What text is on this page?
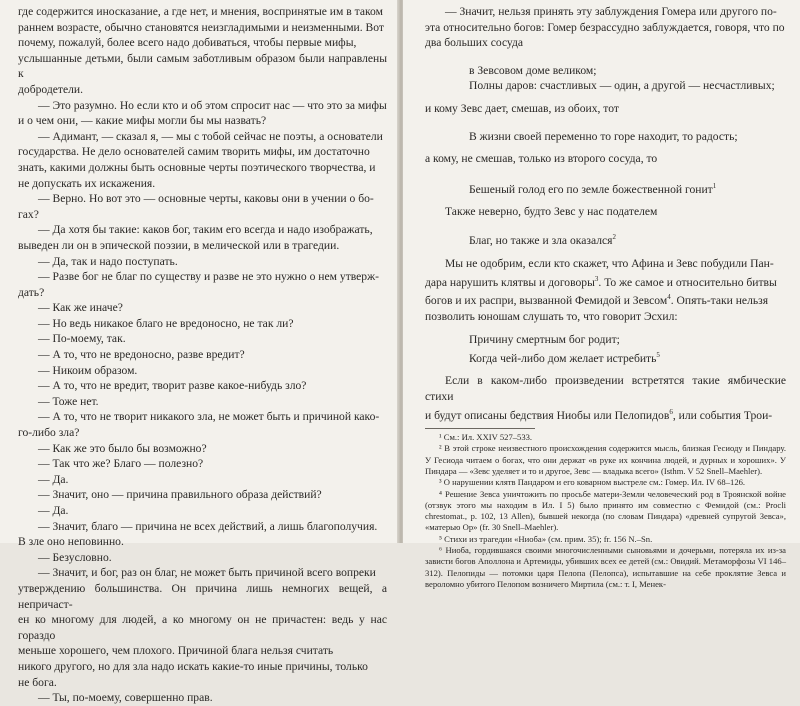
где содержится иносказание, а где нет, и мнения, воспринятые им в таком

раннем возрасте, обычно становятся неизгладимыми и неизменными. Вот

почему, пожалуй, более всего надо добиваться, чтобы первые мифы,

услышанные детьми, были самым заботливым образом были направлены к

добродетели.

— Это разумно. Но если кто и об этом спросит нас — что это за мифы

и о чем они, — какие мифы могли бы мы назвать?

— Адимант, — сказал я, — мы с тобой сейчас не поэты, а основатели

государства. Не дело основателей самим творить мифы, им достаточно

знать, какими должны быть основные черты поэтического творчества, и

не допускать их искажения.

— Верно. Но вот это — основные черты, каковы они в учении о бо-

гах?

— Да хотя бы такие: каков бог, таким его всегда и надо изображать,

выведен ли он в эпической поэзии, в мелической или в трагедии.

— Да, так и надо поступать.

— Разве бог не благ по существу и разве не это нужно о нем утверж-

дать?

— Как же иначе?

— Но ведь никакое благо не вредоносно, не так ли?

— По-моему, так.

— А то, что не вредоносно, разве вредит?

— Никоим образом.

— А то, что не вредит, творит разве какое-нибудь зло?

— Тоже нет.

— А то, что не творит никакого зла, не может быть и причиной како-

го-либо зла?

— Как же это было бы возможно?

— Так что же? Благо — полезно?

— Да.

— Значит, оно — причина правильного образа действий?

— Да.

— Значит, благо — причина не всех действий, а лишь благополучия.

В зле оно неповинно.

— Безусловно.

— Значит, и бог, раз он благ, не может быть причиной всего вопреки

утверждению большинства. Он причина лишь немногих вещей, а непричаст-

ен ко многому для людей, а ко многому он не причастен: ведь у нас гораздо

меньше хорошего, чем плохого. Причиной блага нельзя считать

никого другого, но для зла надо искать какие-то иные причины, только

не бога.

— Ты, по-моему, совершенно прав.

— Значит, нельзя принять эту заблуждения Гомера или другого по-

эта относительно богов: Гомер безрассудно заблуждается, говоря, что по

два больших сосуда

в Зевсовом доме великом;
Полны даров: счастливых — один, а другой — несчастливых;

и кому Зевс дает, смешав, из обоих, тот

В жизни своей переменно то горе находит, то радость;

а кому, не смешав, только из второго сосуда, то

Бешеный голод его по земле божественной гонит$^1$

Также неверно, будто Зевс у нас подателем

Благ, но также и зла оказался$^2$

Мы не одобрим, если кто скажет, что Афина и Зевс побудили Пан-

дара нарушить клятвы и договоры$^3$. То же самое и относительно битвы

богов и их распри, вызванной Фемидой и Зевсом$^4$. Опять-таки нельзя

позволить юношам слушать то, что говорит Эсхил:

Причину смертным бог родит;
Когда чей-либо дом желает истребить$^5$

Если в каком-либо произведении встретятся такие ямбические стихи

и будут описаны бедствия Ниобы или Пелопидов$^6$, или события Трои-

¹ См.: Ил. XXIV 527–533.

² В этой строке неизвестного происхождения содержится мысль, близкая Гесиоду и Пиндару. У Гесиода читаем о богах, что они держат «в руке их кончина людей, и дурных и хороших». У Пиндара — «Зевс уделяет и то и другое, Зевс — владыка всего» (Isthm. V 52 Snell–Maehler).

³ О нарушении клятв Пандаром и его коварном выстреле см.: Гомер. Ил. IV 68–126.

⁴ Решение Зевса уничтожить по просьбе матери-Земли человеческий род в Троянской войне (отзвук этого мы находим в Ил. I 5) было принято им совместно с Фемидой (см.: Procli chrestomat., p. 102, 13 Allen), бывшей некогда (по словам Пиндара) «древней супругой Зевса», «матерью Ор» (fr. 30 Snell–Maehler).

⁵ Стихи из трагедии «Ниоба» (см. прим. 35); fr. 156 N.–Sn.

⁶ Ниоба, гордившаяся своими многочисленными сыновьями и дочерьми, потеряла их из-за зависти богов Аполлона и Артемиды, убивших всех ее детей (см.: Овидий. Метаморфозы VI 146–312). Пелопиды — потомки царя Пелопа (Пелопса), испытавшие на себе проклятие Зевса и вероломно убитого Пелопом возничего Миртила (см.: т. I, Менек-
